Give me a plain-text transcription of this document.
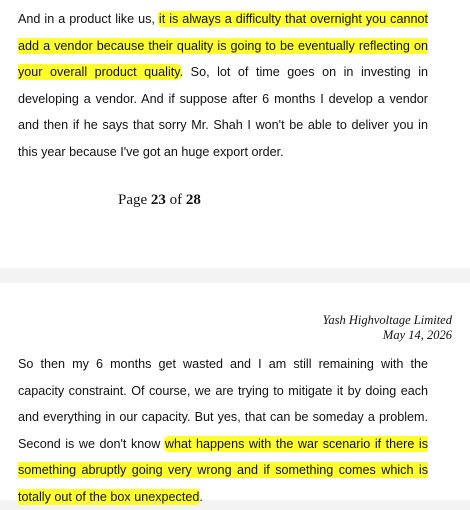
And in a product like us, it is always a difficulty that overnight you cannot add a vendor because their quality is going to be eventually reflecting on your overall product quality. So, lot of time goes on in investing in developing a vendor. And if suppose after 6 months I develop a vendor and then if he says that sorry Mr. Shah I won't be able to deliver you in this year because I've got an huge export order.

Page 23 of 28

Yash Highvoltage Limited
May 14, 2026

So then my 6 months get wasted and I am still remaining with the capacity constraint. Of course, we are trying to mitigate it by doing each and everything in our capacity. But yes, that can be someday a problem. Second is we don't know what happens with the war scenario if there is something abruptly going very wrong and if something comes which is totally out of the box unexpected.
